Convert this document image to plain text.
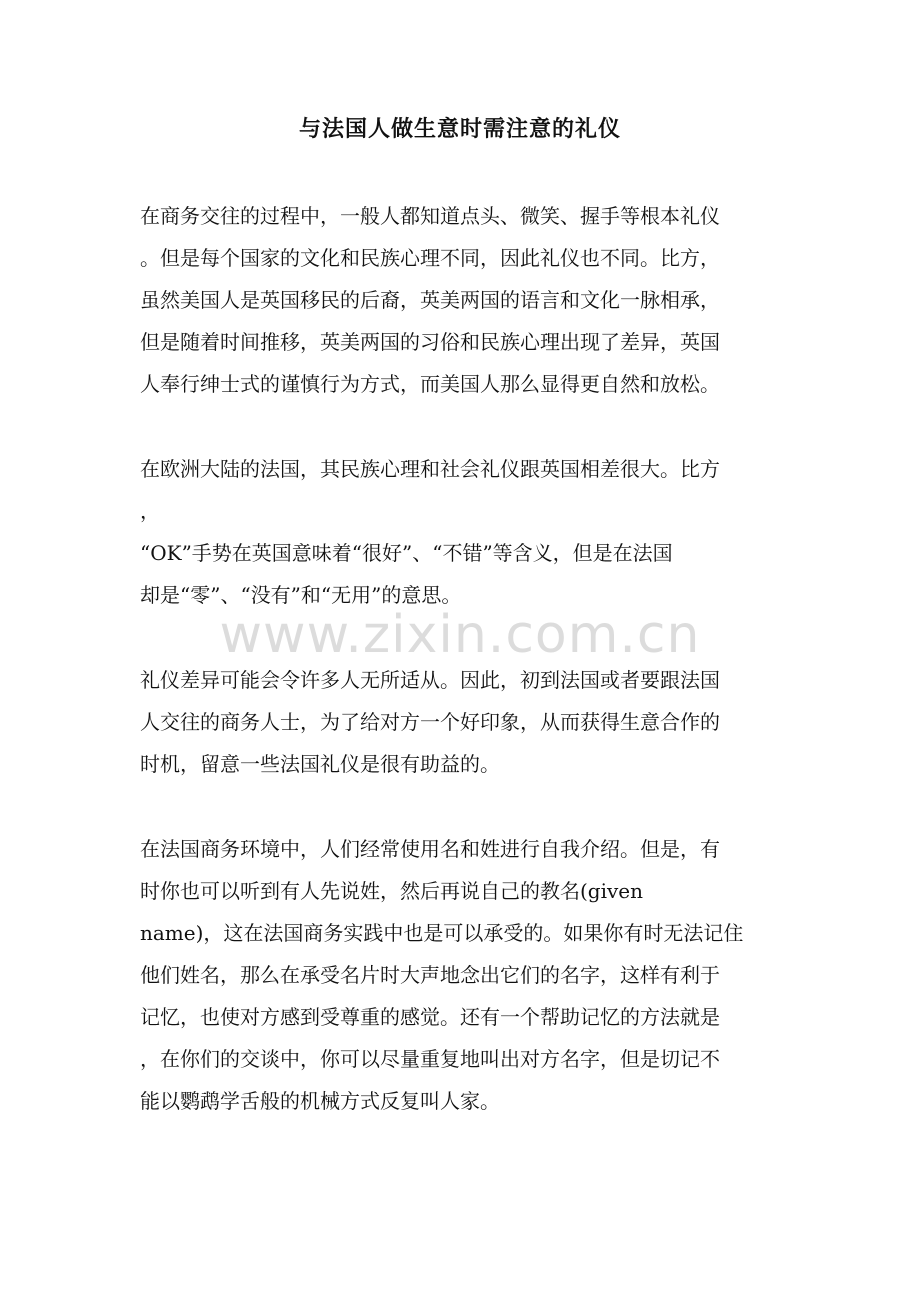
与法国人做生意时需注意的礼仪
www.zixin.com.cn
在商务交往的过程中，一般人都知道点头、微笑、握手等根本礼仪
。但是每个国家的文化和民族心理不同，因此礼仪也不同。比方，
虽然美国人是英国移民的后裔，英美两国的语言和文化一脉相承，
但是随着时间推移，英美两国的习俗和民族心理出现了差异，英国
人奉行绅士式的谨慎行为方式，而美国人那么显得更自然和放松。
在欧洲大陆的法国，其民族心理和社会礼仪跟英国相差很大。比方
，
“OK”手势在英国意味着“很好”、“不错”等含义，但是在法国
却是“零”、“没有”和“无用”的意思。
礼仪差异可能会令许多人无所适从。因此，初到法国或者要跟法国
人交往的商务人士，为了给对方一个好印象，从而获得生意合作的
时机，留意一些法国礼仪是很有助益的。
在法国商务环境中，人们经常使用名和姓进行自我介绍。但是，有
时你也可以听到有人先说姓，然后再说自己的教名(given
name)，这在法国商务实践中也是可以承受的。如果你有时无法记住
他们姓名，那么在承受名片时大声地念出它们的名字，这样有利于
记忆，也使对方感到受尊重的感觉。还有一个帮助记忆的方法就是
，在你们的交谈中，你可以尽量重复地叫出对方名字，但是切记不
能以鹦鹉学舌般的机械方式反复叫人家。
